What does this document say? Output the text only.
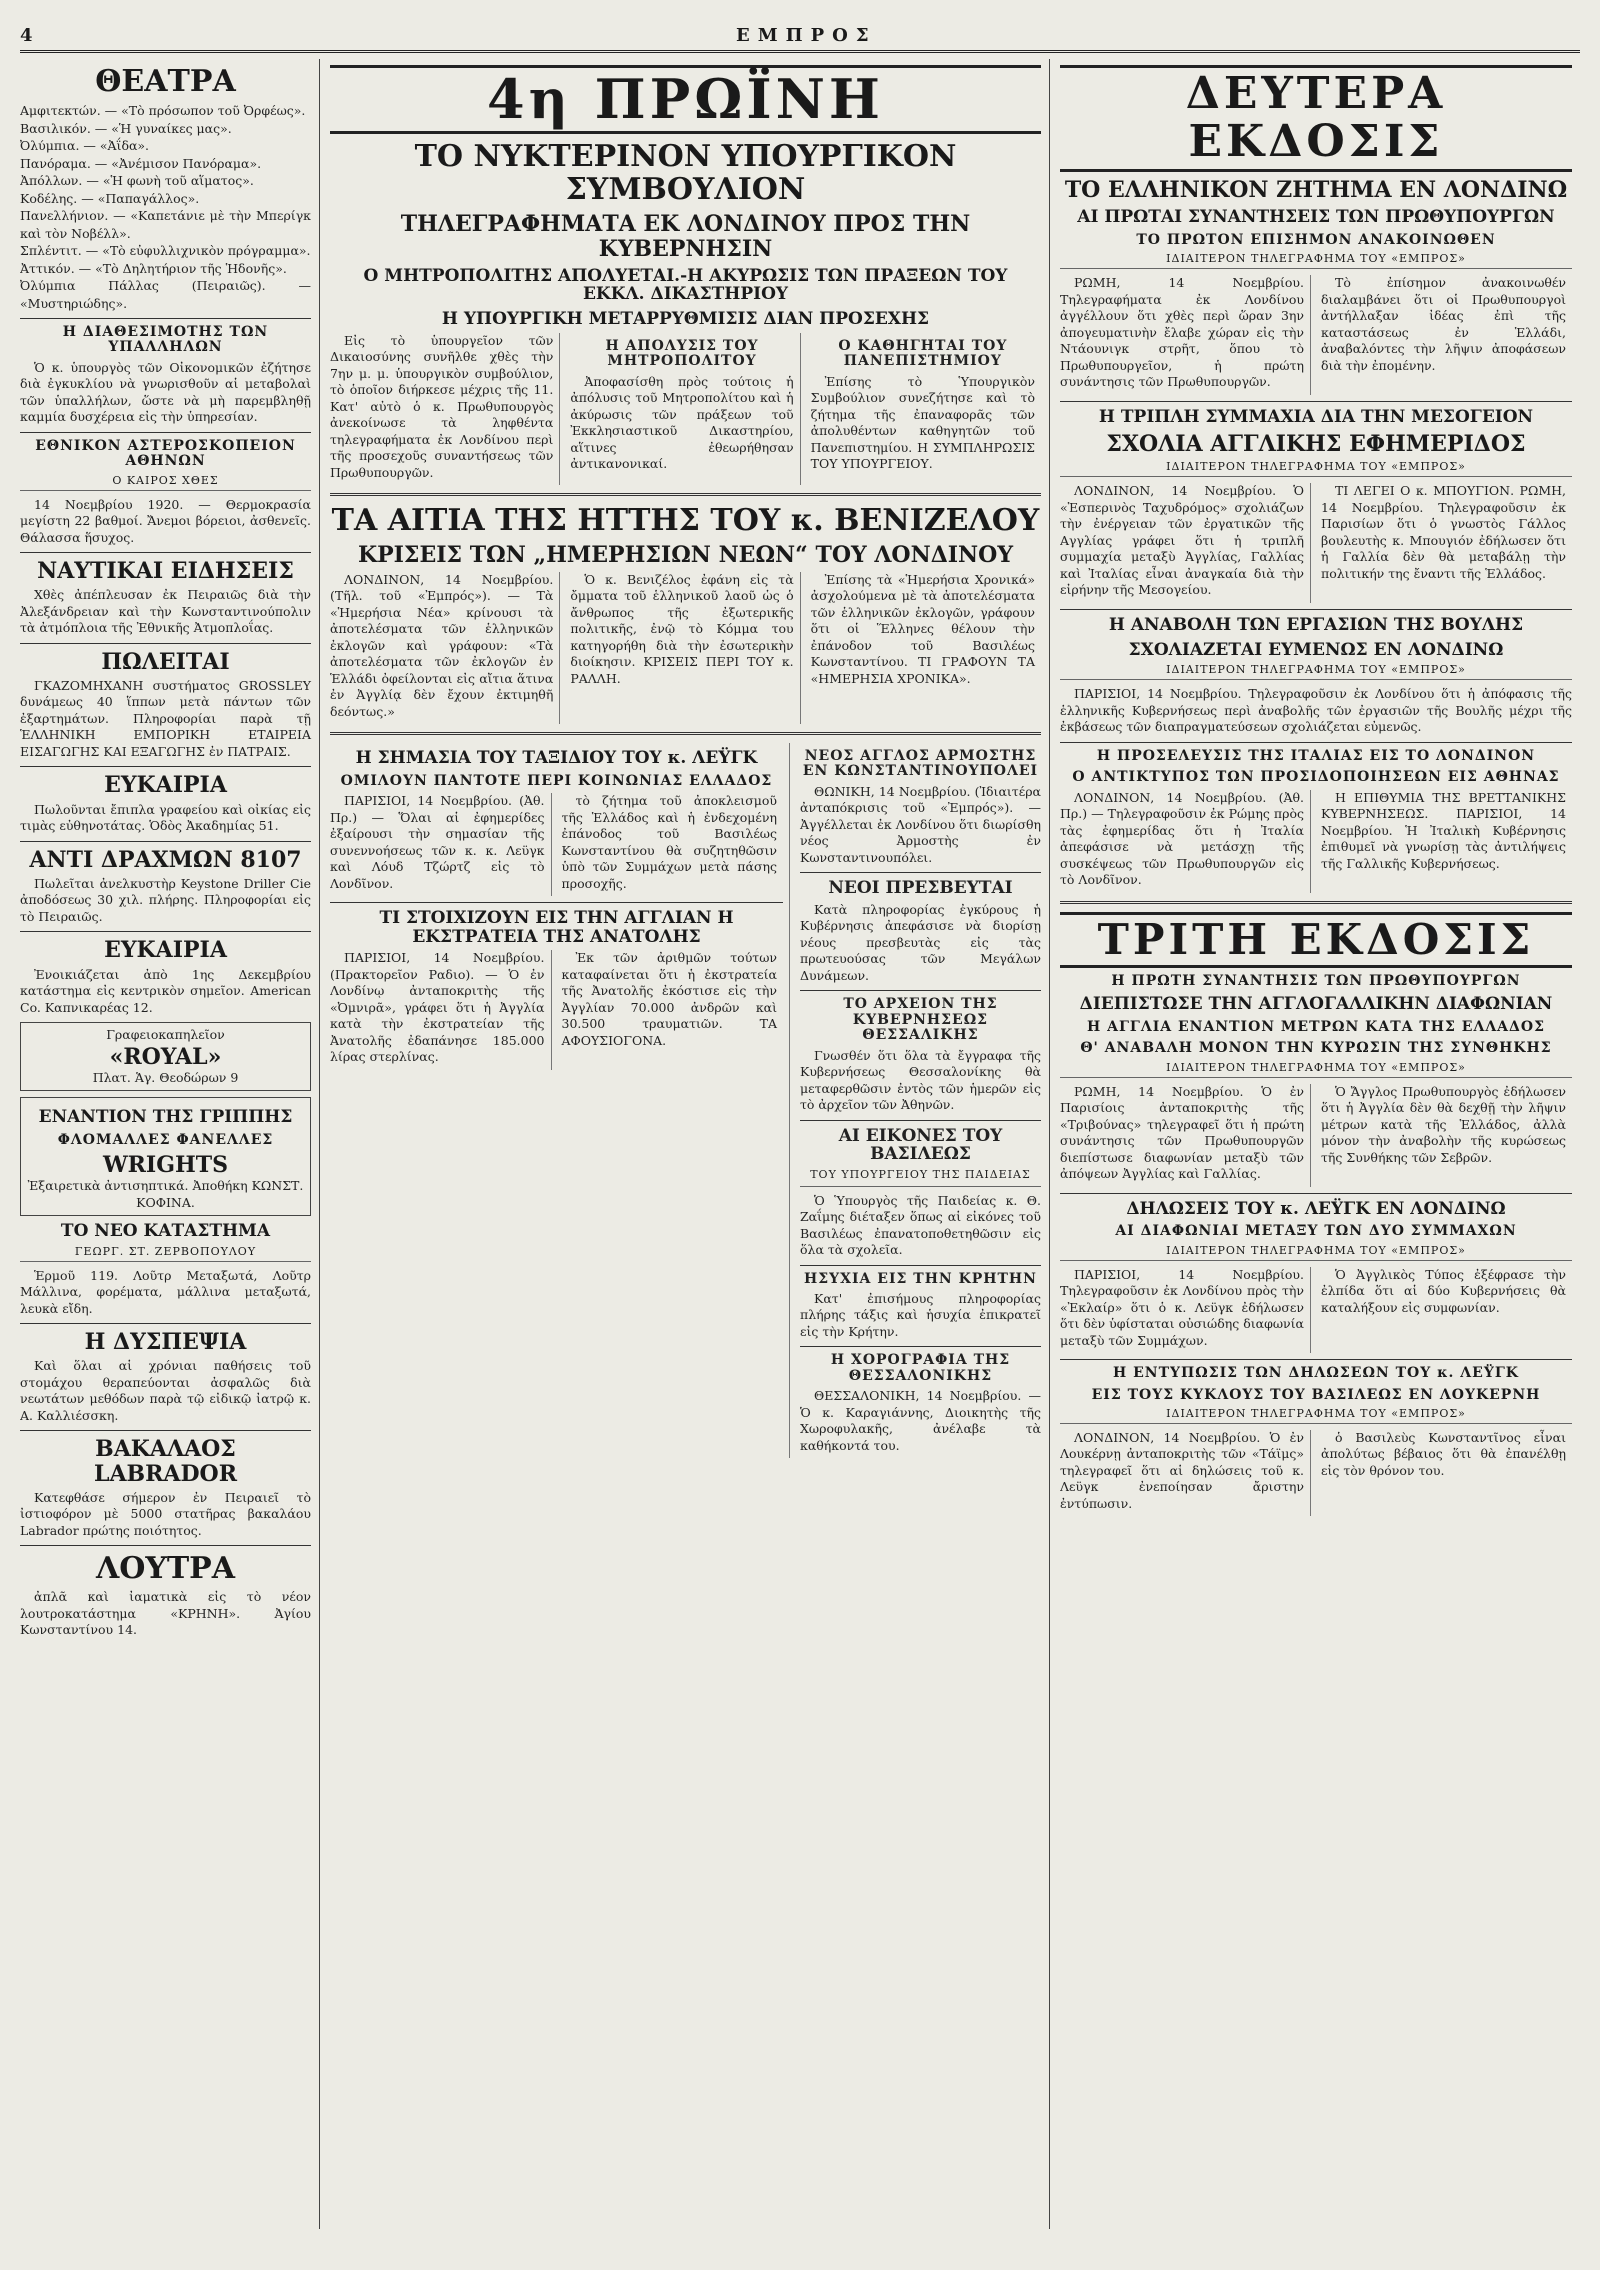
4	ΕΜΠΡΟΣ
ΘΕΑΤΡΑ
Αμφιτεκτών. — «Τὸ πρόσωπον τοῦ Ὀρφέως».
Βασιλικόν. — «Ἡ γυναίκες μας».
Ὀλύμπια. — «Ἀΐδα».
Πανόραμα. — «Ἀνέμισον Πανόραμα».
Ἀπόλλων. — «Ἡ φωνὴ τοῦ αἵματος».
Κοδέλης. — «Παπαγάλλος».
Πανελλήνιον. — «Καπετάνιε μὲ τὴν Μπερίγκ καὶ τὸν Νοβέλλ».
Σπλέντιτ. — «Τὸ εὐφυλλιχνικὸν πρόγραμμα».
Ἀττικόν. — «Τὸ Δηλητήριον τῆς Ἡδονῆς».
Ὀλύμπια Πάλλας (Πειραιῶς). — «Μυστηριώδης».
Η ΔΙΑΘΕΣΙΜΟΤΗΣ ΤΩΝ ΥΠΑΛΛΗΛΩΝ

Ὁ κ. ὑπουργὸς τῶν Οἰκονομικῶν ἐζήτησε διὰ ἐγκυκλίου νὰ γνωρισθοῦν αἱ μεταβολαὶ τῶν ὑπαλλήλων, ὥστε νὰ μὴ παρεμβληθῇ καμμία δυσχέρεια εἰς τὴν ὑπηρεσίαν.

ΕΘΝΙΚΟΝ ΑΣΤΕΡΟΣΚΟΠΕΙΟΝ ΑΘΗΝΩΝ
Ο ΚΑΙΡΟΣ ΧΘΕΣ

14 Νοεμβρίου 1920. — Θερμοκρασία μεγίστη 22 βαθμοί. Ἄνεμοι βόρειοι, ἀσθενεῖς. Θάλασσα ἥσυχος.

ΝΑΥΤΙΚΑΙ ΕΙΔΗΣΕΙΣ

Χθὲς ἀπέπλευσαν ἐκ Πειραιῶς διὰ τὴν Ἀλεξάνδρειαν καὶ τὴν Κωνσταντινούπολιν τὰ ἀτμόπλοια τῆς Ἐθνικῆς Ἀτμοπλοΐας.

ΠΩΛΕΙΤΑΙ

ΓΚΑΖΟΜΗΧΑΝΗ συστήματος GROSSLEY δυνάμεως 40 ἵππων μετὰ πάντων τῶν ἐξαρτημάτων. Πληροφορίαι παρὰ τῇ ἙΛΛΗΝΙΚΗ ΕΜΠΟΡΙΚΗ ΕΤΑΙΡΕΙΑ ΕΙΣΑΓΩΓΗΣ ΚΑΙ ΕΞΑΓΩΓΗΣ ἐν ΠΑΤΡΑΙΣ.

ΕΥΚΑΙΡΙΑ

Πωλοῦνται ἔπιπλα γραφείου καὶ οἰκίας εἰς τιμὰς εὐθηνοτάτας. Ὁδὸς Ἀκαδημίας 51.

ΑΝΤΙ ΔΡΑΧΜΩΝ 8107

Πωλεῖται ἀνελκυστὴρ Keystone Driller Cie ἀποδόσεως 30 χιλ. πλήρης. Πληροφορίαι εἰς τὸ Πειραιῶς.

ΕΥΚΑΙΡΙΑ

Ἐνοικιάζεται ἀπὸ 1ης Δεκεμβρίου κατάστημα εἰς κεντρικὸν σημεῖον. American Co. Καπνικαρέας 12.

Γραφειοκαπηλεῖον
«ROYAL»
Πλατ. Ἁγ. Θεοδώρων 9
ΕΝΑΝΤΙΟΝ ΤΗΣ ΓΡΙΠΠΗΣ
ΦΛΟΜΑΛΛΕΣ ΦΑΝΕΛΛΕΣ
WRIGHTS
Ἐξαιρετικὰ ἀντισηπτικά. Ἀποθήκη ΚΩΝΣΤ. ΚΟΦΙΝΑ.
ΤΟ ΝΕΟ ΚΑΤΑΣΤΗΜΑ
ΓΕΩΡΓ. ΣΤ. ΖΕΡΒΟΠΟΥΛΟΥ

Ἑρμοῦ 119. Λοῦτρ Μεταξωτά, Λοῦτρ Μάλλινα, φορέματα, μάλλινα μεταξωτά, λευκὰ εἴδη.

Η ΔΥΣΠΕΨΙΑ

Καὶ ὅλαι αἱ χρόνιαι παθήσεις τοῦ στομάχου θεραπεύονται ἀσφαλῶς διὰ νεωτάτων μεθόδων παρὰ τῷ εἰδικῷ ἰατρῷ κ. Α. Καλλιέσσκη.

ΒΑΚΑΛΑΟΣ LABRADOR

Κατεφθάσε σήμερον ἐν Πειραιεῖ τὸ ἰστιοφόρον μὲ 5000 στατῆρας βακαλάου Labrador πρώτης ποιότητος.

ΛΟΥΤΡΑ

ἀπλᾶ καὶ ἰαματικὰ εἰς τὸ νέον λουτροκατάστημα «ΚΡΗΝΗ». Ἀγίου Κωνσταντίνου 14.

4η ΠΡΩΪΝΗ
ΤΟ ΝΥΚΤΕΡΙΝΟΝ ΥΠΟΥΡΓΙΚΟΝ ΣΥΜΒΟΥΛΙΟΝ
ΤΗΛΕΓΡΑΦΗΜΑΤΑ ΕΚ ΛΟΝΔΙΝΟΥ ΠΡΟΣ ΤΗΝ ΚΥΒΕΡΝΗΣΙΝ
Ο ΜΗΤΡΟΠΟΛΙΤΗΣ ΑΠΟΛΥΕΤΑΙ.-Η ΑΚΥΡΩΣΙΣ ΤΩΝ ΠΡΑΞΕΩΝ ΤΟΥ ΕΚΚΛ. ΔΙΚΑΣΤΗΡΙΟΥ
Η ΥΠΟΥΡΓΙΚΗ ΜΕΤΑΡΡΥΘΜΙΣΙΣ ΔΙΑΝ ΠΡΟΣΕΧΗΣ

Εἰς τὸ ὑπουργεῖον τῶν Δικαιοσύνης συνῆλθε χθὲς τὴν 7ην μ. μ. ὑπουργικὸν συμβούλιον, τὸ ὁποῖον διήρκεσε μέχρις τῆς 11. Κατ' αὐτὸ ὁ κ. Πρωθυπουργὸς ἀνεκοίνωσε τὰ ληφθέντα τηλεγραφήματα ἐκ Λονδίνου περὶ τῆς προσεχοῦς συναντήσεως τῶν Πρωθυπουργῶν.

Η ΑΠΟΛΥΣΙΣ ΤΟΥ ΜΗΤΡΟΠΟΛΙΤΟΥ

Ἀποφασίσθη πρὸς τούτοις ἡ ἀπόλυσις τοῦ Μητροπολίτου καὶ ἡ ἀκύρωσις τῶν πράξεων τοῦ Ἐκκλησιαστικοῦ Δικαστηρίου, αἵτινες ἐθεωρήθησαν ἀντικανονικαί.

Ο ΚΑΘΗΓΗΤΑΙ ΤΟΥ ΠΑΝΕΠΙΣΤΗΜΙΟΥ

Ἐπίσης τὸ Ὑπουργικὸν Συμβούλιον συνεζήτησε καὶ τὸ ζήτημα τῆς ἐπαναφορᾶς τῶν ἀπολυθέντων καθηγητῶν τοῦ Πανεπιστημίου. Η ΣΥΜΠΛΗΡΩΣΙΣ ΤΟΥ ΥΠΟΥΡΓΕΙΟΥ.

ΤΑ ΑΙΤΙΑ ΤΗΣ ΗΤΤΗΣ ΤΟΥ κ. ΒΕΝΙΖΕΛΟΥ
ΚΡΙΣΕΙΣ ΤΩΝ „ΗΜΕΡΗΣΙΩΝ ΝΕΩΝ“ ΤΟΥ ΛΟΝΔΙΝΟΥ

ΛΟΝΔΙΝΟΝ, 14 Νοεμβρίου. (Τῆλ. τοῦ «Ἐμπρός»). — Τὰ «Ἡμερήσια Νέα» κρίνουσι τὰ ἀποτελέσματα τῶν ἑλληνικῶν ἐκλογῶν καὶ γράφουν: «Τὰ ἀποτελέσματα τῶν ἐκλογῶν ἐν Ἑλλάδι ὀφείλονται εἰς αἴτια ἅτινα ἐν Ἀγγλίᾳ δὲν ἔχουν ἐκτιμηθῆ δεόντως.»

Ὁ κ. Βενιζέλος ἐφάνη εἰς τὰ ὄμματα τοῦ ἑλληνικοῦ λαοῦ ὡς ὁ ἄνθρωπος τῆς ἐξωτερικῆς πολιτικῆς, ἐνῷ τὸ Κόμμα του κατηγορήθη διὰ τὴν ἐσωτερικὴν διοίκησιν. ΚΡΙΣΕΙΣ ΠΕΡΙ ΤΟΥ κ. ΡΑΛΛΗ.

Ἐπίσης τὰ «Ἡμερήσια Χρονικά» ἀσχολούμενα μὲ τὰ ἀποτελέσματα τῶν ἑλληνικῶν ἐκλογῶν, γράφουν ὅτι οἱ Ἕλληνες θέλουν τὴν ἐπάνοδον τοῦ Βασιλέως Κωνσταντίνου. ΤΙ ΓΡΑΦΟΥΝ ΤΑ «ΗΜΕΡΗΣΙΑ ΧΡΟΝΙΚΑ».

Η ΣΗΜΑΣΙΑ ΤΟΥ ΤΑΞΙΔΙΟΥ ΤΟΥ κ. ΛΕΫΓΚ
ΟΜΙΛΟΥΝ ΠΑΝΤΟΤΕ ΠΕΡΙ ΚΟΙΝΩΝΙΑΣ ΕΛΛΑΔΟΣ

ΠΑΡΙΣΙΟΙ, 14 Νοεμβρίου. (Ἀθ. Πρ.) — Ὅλαι αἱ ἐφημερίδες ἐξαίρουσι τὴν σημασίαν τῆς συνεννοήσεως τῶν κ. κ. Λεϋγκ καὶ Λόυδ Τζώρτζ εἰς τὸ Λονδῖνον.

τὸ ζήτημα τοῦ ἀποκλεισμοῦ τῆς Ἑλλάδος καὶ ἡ ἐνδεχομένη ἐπάνοδος τοῦ Βασιλέως Κωνσταντίνου θὰ συζητηθῶσιν ὑπὸ τῶν Συμμάχων μετὰ πάσης προσοχῆς.

ΤΙ ΣΤΟΙΧΙΖΟΥΝ ΕΙΣ ΤΗΝ ΑΓΓΛΙΑΝ Η ΕΚΣΤΡΑΤΕΙΑ ΤΗΣ ΑΝΑΤΟΛΗΣ

ΠΑΡΙΣΙΟΙ, 14 Νοεμβρίου. (Πρακτορεῖον Ραδιο). — Ὁ ἐν Λονδίνῳ ἀνταποκριτὴς τῆς «Ὀμνιρᾶ», γράφει ὅτι ἡ Ἀγγλία κατὰ τὴν ἐκστρατείαν τῆς Ἀνατολῆς ἐδαπάνησε 185.000 λίρας στερλίνας.

Ἐκ τῶν ἀριθμῶν τούτων καταφαίνεται ὅτι ἡ ἐκστρατεία τῆς Ἀνατολῆς ἐκόστισε εἰς τὴν Ἀγγλίαν 70.000 ἀνδρῶν καὶ 30.500 τραυματιῶν. ΤΑ ΑΦΟΥΣΙΟΓΟΝΑ.

ΝΕΟΣ ΑΓΓΛΟΣ ΑΡΜΟΣΤΗΣ ΕΝ ΚΩΝΣΤΑΝΤΙΝΟΥΠΟΛΕΙ

ΘΩΝΙΚΗ, 14 Νοεμβρίου. (Ἰδιαιτέρα ἀνταπόκρισις τοῦ «Ἐμπρός»). — Ἀγγέλλεται ἐκ Λονδίνου ὅτι διωρίσθη νέος Ἀρμοστὴς ἐν Κωνσταντινουπόλει.

ΝΕΟΙ ΠΡΕΣΒΕΥΤΑΙ

Κατὰ πληροφορίας ἐγκύρους ἡ Κυβέρνησις ἀπεφάσισε νὰ διορίσῃ νέους πρεσβευτὰς εἰς τὰς πρωτευούσας τῶν Μεγάλων Δυνάμεων.

ΤΟ ΑΡΧΕΙΟΝ ΤΗΣ ΚΥΒΕΡΝΗΣΕΩΣ ΘΕΣΣΑΛΙΚΗΣ

Γνωσθέν ὅτι ὅλα τὰ ἔγγραφα τῆς Κυβερνήσεως Θεσσαλονίκης θὰ μεταφερθῶσιν ἐντὸς τῶν ἡμερῶν εἰς τὸ ἀρχεῖον τῶν Ἀθηνῶν.

ΑΙ ΕΙΚΟΝΕΣ ΤΟΥ ΒΑΣΙΛΕΩΣ
ΤΟΥ ΥΠΟΥΡΓΕΙΟΥ ΤΗΣ ΠΑΙΔΕΙΑΣ

Ὁ Ὑπουργὸς τῆς Παιδείας κ. Θ. Ζαΐμης διέταξεν ὅπως αἱ εἰκόνες τοῦ Βασιλέως ἐπανατοποθετηθῶσιν εἰς ὅλα τὰ σχολεῖα.

ΗΣΥΧΙΑ ΕΙΣ ΤΗΝ ΚΡΗΤΗΝ

Κατ' ἐπισήμους πληροφορίας πλήρης τάξις καὶ ἡσυχία ἐπικρατεῖ εἰς τὴν Κρήτην.

Η ΧΟΡΟΓΡΑΦΙΑ ΤΗΣ ΘΕΣΣΑΛΟΝΙΚΗΣ

ΘΕΣΣΑΛΟΝΙΚΗ, 14 Νοεμβρίου. — Ὁ κ. Καραγιάννης, Διοικητὴς τῆς Χωροφυλακῆς, ἀνέλαβε τὰ καθήκοντά του.

ΔΕΥΤΕΡΑ ΕΚΔΟΣΙΣ
ΤΟ ΕΛΛΗΝΙΚΟΝ ΖΗΤΗΜΑ ΕΝ ΛΟΝΔΙΝΩ
ΑΙ ΠΡΩΤΑΙ ΣΥΝΑΝΤΗΣΕΙΣ ΤΩΝ ΠΡΩΘΥΠΟΥΡΓΩΝ
ΤΟ ΠΡΩΤΟΝ ΕΠΙΣΗΜΟΝ ΑΝΑΚΟΙΝΩΘΕΝ
ΙΔΙΑΙΤΕΡΟΝ ΤΗΛΕΓΡΑΦΗΜΑ ΤΟΥ «ΕΜΠΡΟΣ»

ΡΩΜΗ, 14 Νοεμβρίου. Τηλεγραφήματα ἐκ Λονδίνου ἀγγέλλουν ὅτι χθὲς περὶ ὥραν 3ην ἀπογευματινὴν ἔλαβε χώραν εἰς τὴν Ντάουνιγκ στρῆτ, ὅπου τὸ Πρωθυπουργεῖον, ἡ πρώτη συνάντησις τῶν Πρωθυπουργῶν.

Τὸ ἐπίσημον ἀνακοινωθέν διαλαμβάνει ὅτι οἱ Πρωθυπουργοὶ ἀντήλλαξαν ἰδέας ἐπὶ τῆς καταστάσεως ἐν Ἑλλάδι, ἀναβαλόντες τὴν λῆψιν ἀποφάσεων διὰ τὴν ἐπομένην.

Η ΤΡΙΠΛΗ ΣΥΜΜΑΧΙΑ ΔΙΑ ΤΗΝ ΜΕΣΟΓΕΙΟΝ
ΣΧΟΛΙΑ ΑΓΓΛΙΚΗΣ ΕΦΗΜΕΡΙΔΟΣ
ΙΔΙΑΙΤΕΡΟΝ ΤΗΛΕΓΡΑΦΗΜΑ ΤΟΥ «ΕΜΠΡΟΣ»

ΛΟΝΔΙΝΟΝ, 14 Νοεμβρίου. Ὁ «Ἑσπερινὸς Ταχυδρόμος» σχολιάζων τὴν ἐνέργειαν τῶν ἐργατικῶν τῆς Αγγλίας γράφει ὅτι ἡ τριπλῆ συμμαχία μεταξὺ Ἀγγλίας, Γαλλίας καὶ Ἰταλίας εἶναι ἀναγκαία διὰ τὴν εἰρήνην τῆς Μεσογείου.

ΤΙ ΛΕΓΕΙ Ο κ. ΜΠΟΥΓΙΟΝ. ΡΩΜΗ, 14 Νοεμβρίου. Τηλεγραφοῦσιν ἐκ Παρισίων ὅτι ὁ γνωστὸς Γάλλος βουλευτὴς κ. Μπουγιόν ἐδήλωσεν ὅτι ἡ Γαλλία δὲν θὰ μεταβάλῃ τὴν πολιτικήν της ἔναντι τῆς Ἑλλάδος.

Η ΑΝΑΒΟΛΗ ΤΩΝ ΕΡΓΑΣΙΩΝ ΤΗΣ ΒΟΥΛΗΣ
ΣΧΟΛΙΑΖΕΤΑΙ ΕΥΜΕΝΩΣ ΕΝ ΛΟΝΔΙΝΩ
ΙΔΙΑΙΤΕΡΟΝ ΤΗΛΕΓΡΑΦΗΜΑ ΤΟΥ «ΕΜΠΡΟΣ»

ΠΑΡΙΣΙΟΙ, 14 Νοεμβρίου. Τηλεγραφοῦσιν ἐκ Λονδίνου ὅτι ἡ ἀπόφασις τῆς ἑλληνικῆς Κυβερνήσεως περὶ ἀναβολῆς τῶν ἐργασιῶν τῆς Βουλῆς μέχρι τῆς ἐκβάσεως τῶν διαπραγματεύσεων σχολιάζεται εὐμενῶς.

Η ΠΡΟΣΕΛΕΥΣΙΣ ΤΗΣ ΙΤΑΛΙΑΣ ΕΙΣ ΤΟ ΛΟΝΔΙΝΟΝ
Ο ΑΝΤΙΚΤΥΠΟΣ ΤΩΝ ΠΡΟΣΙΔΟΠΟΙΗΣΕΩΝ ΕΙΣ ΑΘΗΝΑΣ

ΛΟΝΔΙΝΟΝ, 14 Νοεμβρίου. (Ἀθ. Πρ.) — Τηλεγραφοῦσιν ἐκ Ρώμης πρὸς τὰς ἐφημερίδας ὅτι ἡ Ἰταλία ἀπεφάσισε νὰ μετάσχῃ τῆς συσκέψεως τῶν Πρωθυπουργῶν εἰς τὸ Λονδῖνον.

Η ΕΠΙΘΥΜΙΑ ΤΗΣ ΒΡΕΤΤΑΝΙΚΗΣ ΚΥΒΕΡΝΗΣΕΩΣ. ΠΑΡΙΣΙΟΙ, 14 Νοεμβρίου. Ἡ Ἰταλικὴ Κυβέρνησις ἐπιθυμεῖ νὰ γνωρίσῃ τὰς ἀντιλήψεις τῆς Γαλλικῆς Κυβερνήσεως.

ΤΡΙΤΗ ΕΚΔΟΣΙΣ
Η ΠΡΩΤΗ ΣΥΝΑΝΤΗΣΙΣ ΤΩΝ ΠΡΩΘΥΠΟΥΡΓΩΝ
ΔΙΕΠΙΣΤΩΣΕ ΤΗΝ ΑΓΓΛΟΓΑΛΛΙΚΗΝ ΔΙΑΦΩΝΙΑΝ
Η ΑΓΓΛΙΑ ΕΝΑΝΤΙΟΝ ΜΕΤΡΩΝ ΚΑΤΑ ΤΗΣ ΕΛΛΑΔΟΣ
Θ' ΑΝΑΒΑΛΗ ΜΟΝΟΝ ΤΗΝ ΚΥΡΩΣΙΝ ΤΗΣ ΣΥΝΘΗΚΗΣ
ΙΔΙΑΙΤΕΡΟΝ ΤΗΛΕΓΡΑΦΗΜΑ ΤΟΥ «ΕΜΠΡΟΣ»

ΡΩΜΗ, 14 Νοεμβρίου. Ὁ ἐν Παρισίοις ἀνταποκριτὴς τῆς «Τριβούνας» τηλεγραφεῖ ὅτι ἡ πρώτη συνάντησις τῶν Πρωθυπουργῶν διεπίστωσε διαφωνίαν μεταξὺ τῶν ἀπόψεων Ἀγγλίας καὶ Γαλλίας.

Ὁ Ἄγγλος Πρωθυπουργὸς ἐδήλωσεν ὅτι ἡ Ἀγγλία δὲν θὰ δεχθῇ τὴν λῆψιν μέτρων κατὰ τῆς Ἑλλάδος, ἀλλὰ μόνον τὴν ἀναβολὴν τῆς κυρώσεως τῆς Συνθήκης τῶν Σεβρῶν.

ΔΗΛΩΣΕΙΣ ΤΟΥ κ. ΛΕΫΓΚ ΕΝ ΛΟΝΔΙΝΩ
ΑΙ ΔΙΑΦΩΝΙΑΙ ΜΕΤΑΞΥ ΤΩΝ ΔΥΟ ΣΥΜΜΑΧΩΝ
ΙΔΙΑΙΤΕΡΟΝ ΤΗΛΕΓΡΑΦΗΜΑ ΤΟΥ «ΕΜΠΡΟΣ»

ΠΑΡΙΣΙΟΙ, 14 Νοεμβρίου. Τηλεγραφοῦσιν ἐκ Λονδίνου πρὸς τὴν «Ἐκλαίρ» ὅτι ὁ κ. Λεϋγκ ἐδήλωσεν ὅτι δὲν ὑφίσταται οὐσιώδης διαφωνία μεταξὺ τῶν Συμμάχων.

Ὁ Ἀγγλικὸς Τύπος ἐξέφρασε τὴν ἐλπίδα ὅτι αἱ δύο Κυβερνήσεις θὰ καταλήξουν εἰς συμφωνίαν.

Η ΕΝΤΥΠΩΣΙΣ ΤΩΝ ΔΗΛΩΣΕΩΝ ΤΟΥ κ. ΛΕΫΓΚ
ΕΙΣ ΤΟΥΣ ΚΥΚΛΟΥΣ ΤΟΥ ΒΑΣΙΛΕΩΣ ΕΝ ΛΟΥΚΕΡΝΗ
ΙΔΙΑΙΤΕΡΟΝ ΤΗΛΕΓΡΑΦΗΜΑ ΤΟΥ «ΕΜΠΡΟΣ»

ΛΟΝΔΙΝΟΝ, 14 Νοεμβρίου. Ὁ ἐν Λουκέρνῃ ἀνταποκριτὴς τῶν «Τάϊμς» τηλεγραφεῖ ὅτι αἱ δηλώσεις τοῦ κ. Λεϋγκ ἐνεποίησαν ἄριστην ἐντύπωσιν.

ὁ Βασιλεὺς Κωνσταντῖνος εἶναι ἀπολύτως βέβαιος ὅτι θὰ ἐπανέλθῃ εἰς τὸν θρόνον του.
